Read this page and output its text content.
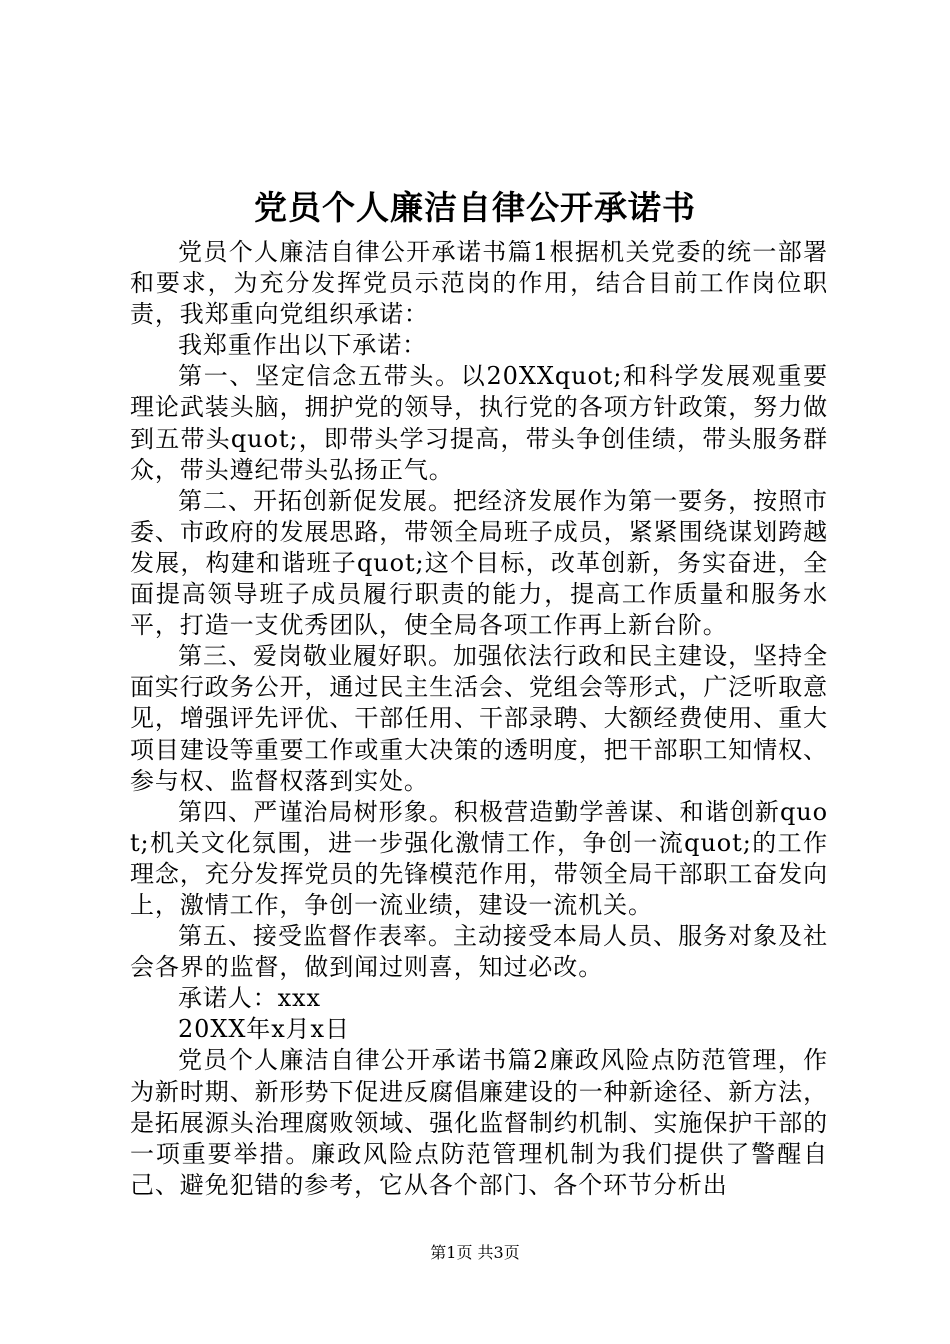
党员个人廉洁自律公开承诺书

党员个人廉洁自律公开承诺书篇1根据机关党委的统一部署和要求，为充分发挥党员示范岗的作用，结合目前工作岗位职责，我郑重向党组织承诺：

我郑重作出以下承诺：

第一、坚定信念五带头。以20XXquot;和科学发展观重要理论武装头脑，拥护党的领导，执行党的各项方针政策，努力做到五带头quot;，即带头学习提高，带头争创佳绩，带头服务群众，带头遵纪带头弘扬正气。

第二、开拓创新促发展。把经济发展作为第一要务，按照市委、市政府的发展思路，带领全局班子成员，紧紧围绕谋划跨越发展，构建和谐班子quot;这个目标，改革创新，务实奋进，全面提高领导班子成员履行职责的能力，提高工作质量和服务水平，打造一支优秀团队，使全局各项工作再上新台阶。

第三、爱岗敬业履好职。加强依法行政和民主建设，坚持全面实行政务公开，通过民主生活会、党组会等形式，广泛听取意见，增强评先评优、干部任用、干部录聘、大额经费使用、重大项目建设等重要工作或重大决策的透明度，把干部职工知情权、参与权、监督权落到实处。

第四、严谨治局树形象。积极营造勤学善谋、和谐创新quot;机关文化氛围，进一步强化激情工作，争创一流quot;的工作理念，充分发挥党员的先锋模范作用，带领全局干部职工奋发向上，激情工作，争创一流业绩，建设一流机关。

第五、接受监督作表率。主动接受本局人员、服务对象及社会各界的监督，做到闻过则喜，知过必改。

承诺人：xxx

20XX年x月x日

党员个人廉洁自律公开承诺书篇2廉政风险点防范管理，作为新时期、新形势下促进反腐倡廉建设的一种新途径、新方法，是拓展源头治理腐败领域、强化监督制约机制、实施保护干部的一项重要举措。廉政风险点防范管理机制为我们提供了警醒自己、避免犯错的参考，它从各个部门、各个环节分析出

第1页 共3页
